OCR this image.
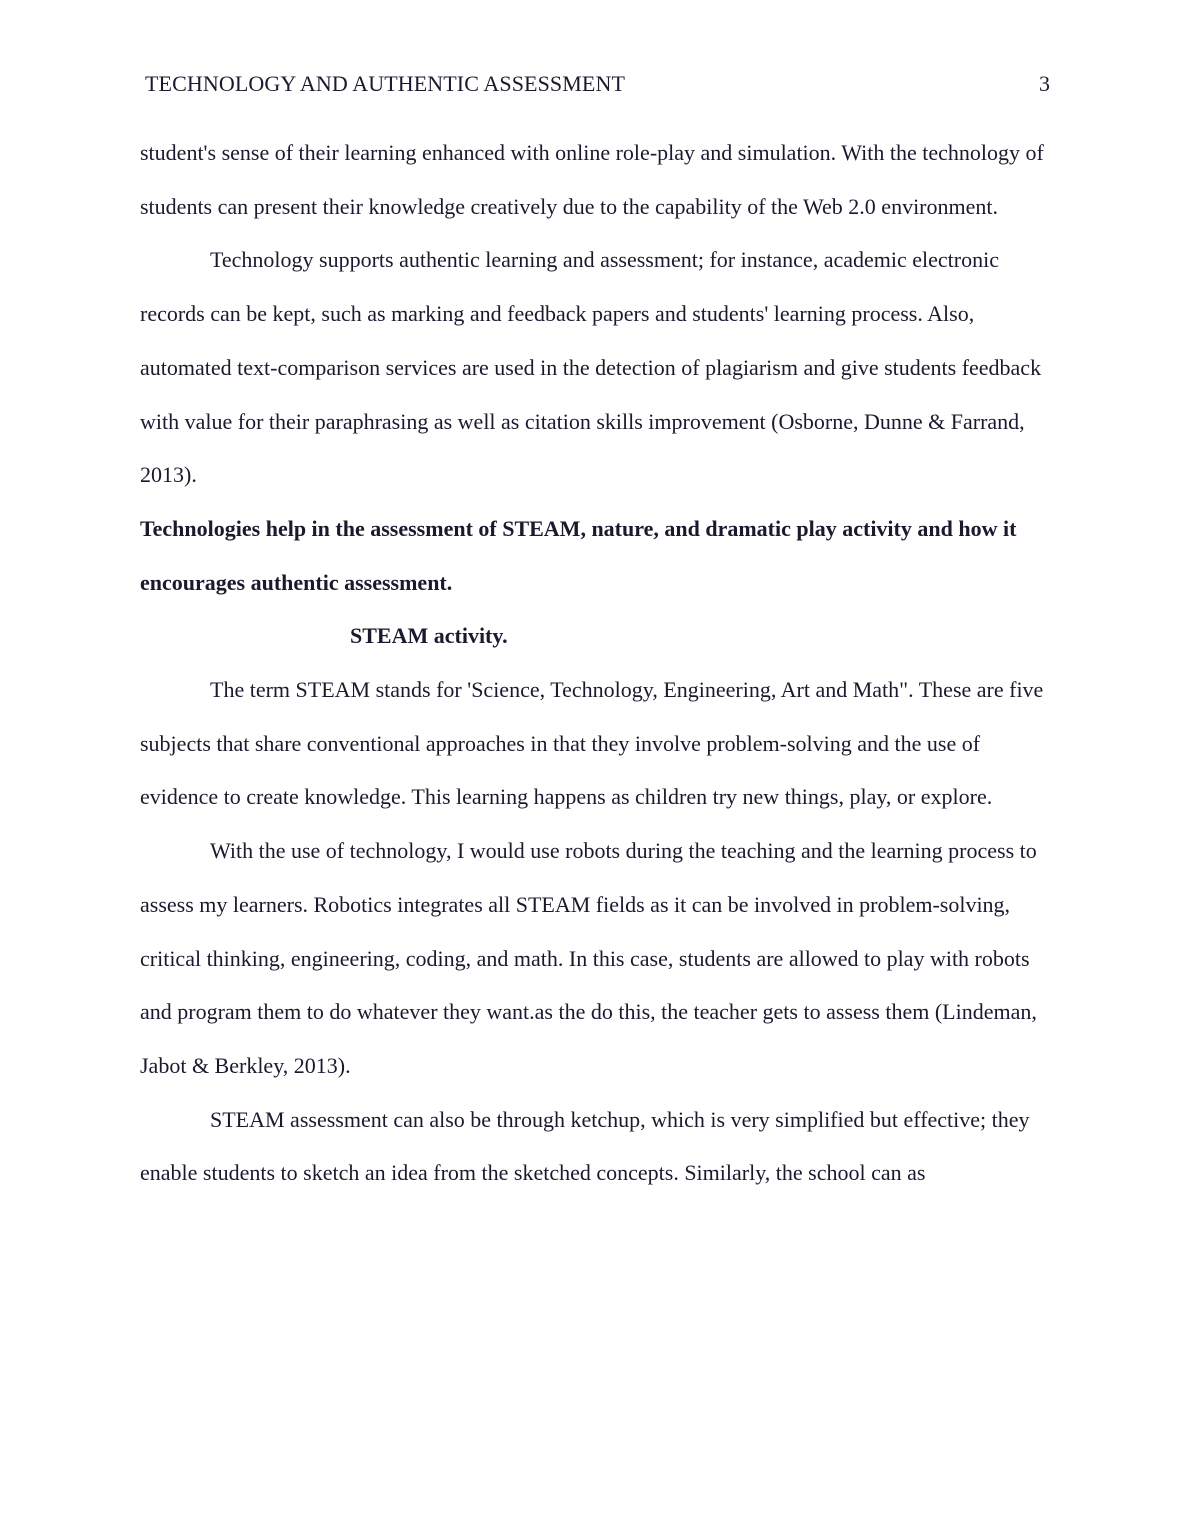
TECHNOLOGY AND AUTHENTIC ASSESSMENT	3

student's sense of their learning enhanced with online role-play and simulation. With the technology of students can present their knowledge creatively due to the capability of the Web 2.0 environment.

Technology supports authentic learning and assessment; for instance, academic electronic records can be kept, such as marking and feedback papers and students' learning process. Also, automated text-comparison services are used in the detection of plagiarism and give students feedback with value for their paraphrasing as well as citation skills improvement (Osborne, Dunne & Farrand, 2013).

Technologies help in the assessment of STEAM, nature, and dramatic play activity and how it encourages authentic assessment.

STEAM activity.

The term STEAM stands for 'Science, Technology, Engineering, Art and Math". These are five subjects that share conventional approaches in that they involve problem-solving and the use of evidence to create knowledge. This learning happens as children try new things, play, or explore.

With the use of technology, I would use robots during the teaching and the learning process to assess my learners. Robotics integrates all STEAM fields as it can be involved in problem-solving, critical thinking, engineering, coding, and math. In this case, students are allowed to play with robots and program them to do whatever they want.as the do this, the teacher gets to assess them (Lindeman, Jabot & Berkley, 2013).

STEAM assessment can also be through ketchup, which is very simplified but effective; they enable students to sketch an idea from the sketched concepts. Similarly, the school can as
